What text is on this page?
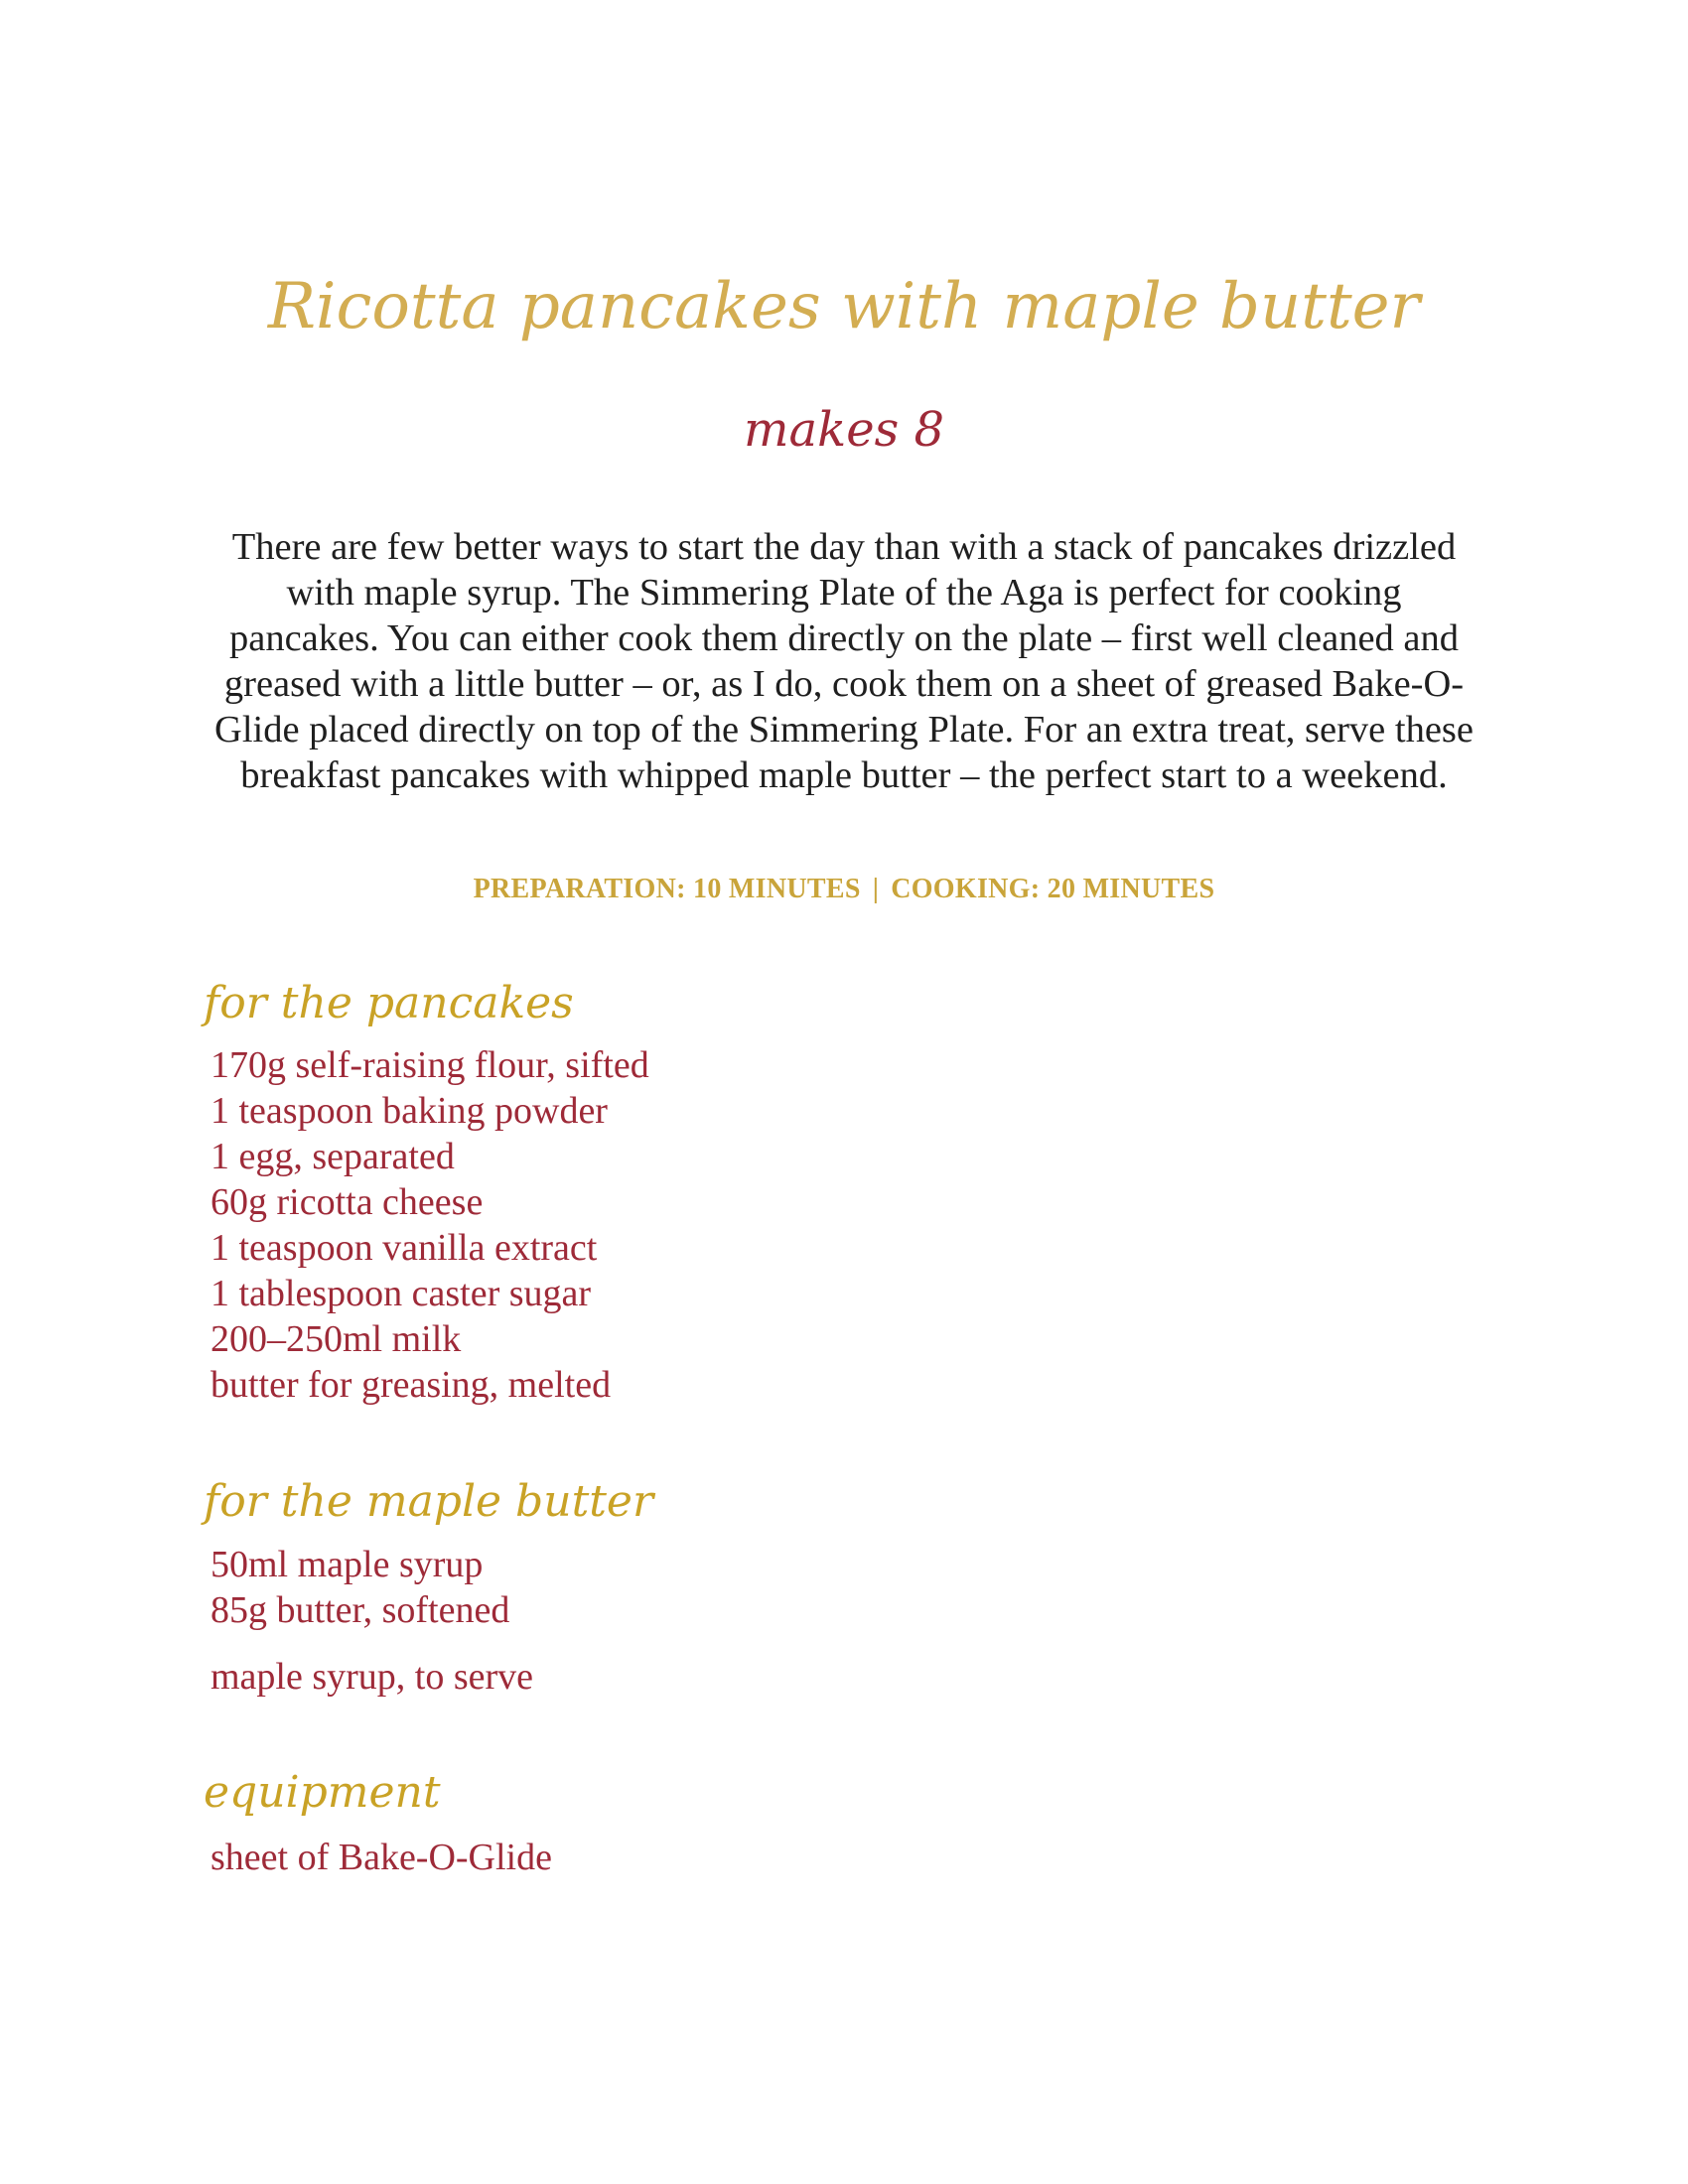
Ricotta pancakes with maple butter
makes 8

There are few better ways to start the day than with a stack of pancakes drizzled with maple syrup. The Simmering Plate of the Aga is perfect for cooking pancakes. You can either cook them directly on the plate – first well cleaned and greased with a little butter – or, as I do, cook them on a sheet of greased Bake-O-Glide placed directly on top of the Simmering Plate. For an extra treat, serve these breakfast pancakes with whipped maple butter – the perfect start to a weekend.

PREPARATION: 10 MINUTES | COOKING: 20 MINUTES
for the pancakes
170g self-raising flour, sifted
1 teaspoon baking powder
1 egg, separated
60g ricotta cheese
1 teaspoon vanilla extract
1 tablespoon caster sugar
200–250ml milk
butter for greasing, melted
for the maple butter
50ml maple syrup
85g butter, softened
maple syrup, to serve
equipment
sheet of Bake-O-Glide
